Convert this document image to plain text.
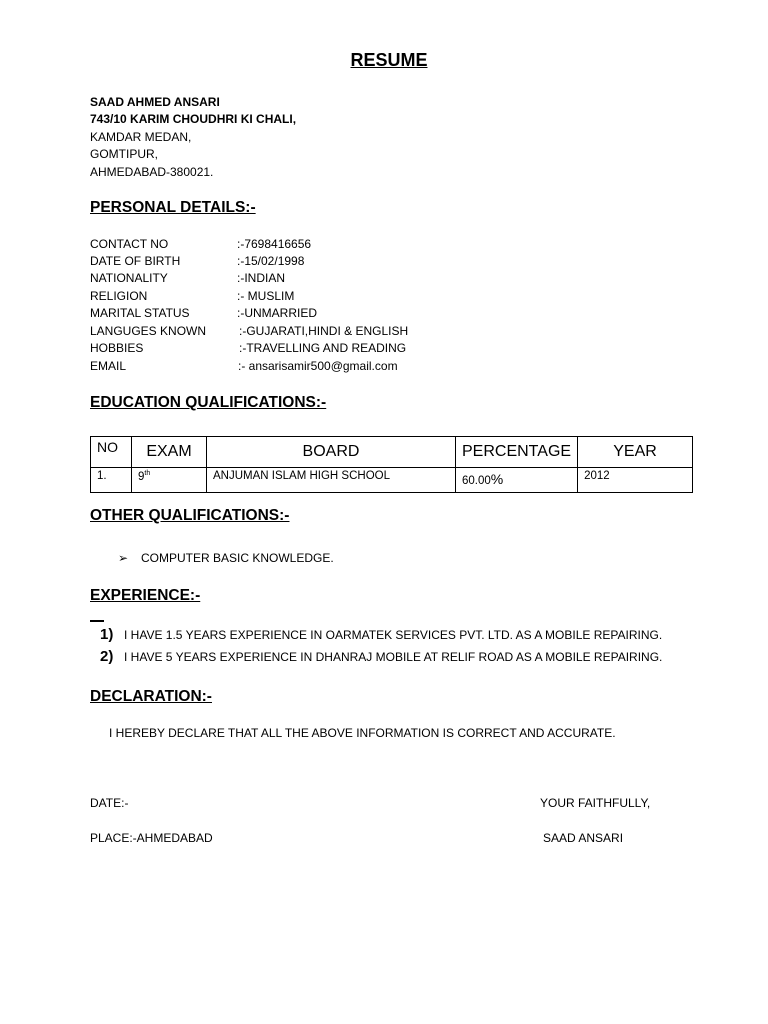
RESUME
SAAD AHMED ANSARI
743/10 KARIM CHOUDHRI KI CHALI,
KAMDAR MEDAN,
GOMTIPUR,
AHMEDABAD-380021.
PERSONAL DETAILS:-
CONTACT NO	:-7698416656
DATE OF BIRTH	:-15/02/1998
NATIONALITY	:-INDIAN
RELIGION	:- MUSLIM
MARITAL STATUS	:-UNMARRIED
LANGUGES KNOWN	:-GUJARATI,HINDI & ENGLISH
HOBBIES	:-TRAVELLING AND READING
EMAIL	:- ansarisamir500@gmail.com
EDUCATION QUALIFICATIONS:-
NO	EXAM	BOARD	PERCENTAGE	YEAR
1.	9th	ANJUMAN ISLAM HIGH SCHOOL	60.00%	2012
OTHER QUALIFICATIONS:-
➢ COMPUTER BASIC KNOWLEDGE.
EXPERIENCE:-
1) I HAVE 1.5 YEARS EXPERIENCE IN OARMATEK SERVICES PVT. LTD. AS A MOBILE REPAIRING.
2) I HAVE 5 YEARS EXPERIENCE IN DHANRAJ MOBILE AT RELIF ROAD AS A MOBILE REPAIRING.
DECLARATION:-
I HEREBY DECLARE THAT ALL THE ABOVE INFORMATION IS CORRECT AND ACCURATE.
DATE:-	YOUR FAITHFULLY,
PLACE:-AHMEDABAD	SAAD ANSARI
